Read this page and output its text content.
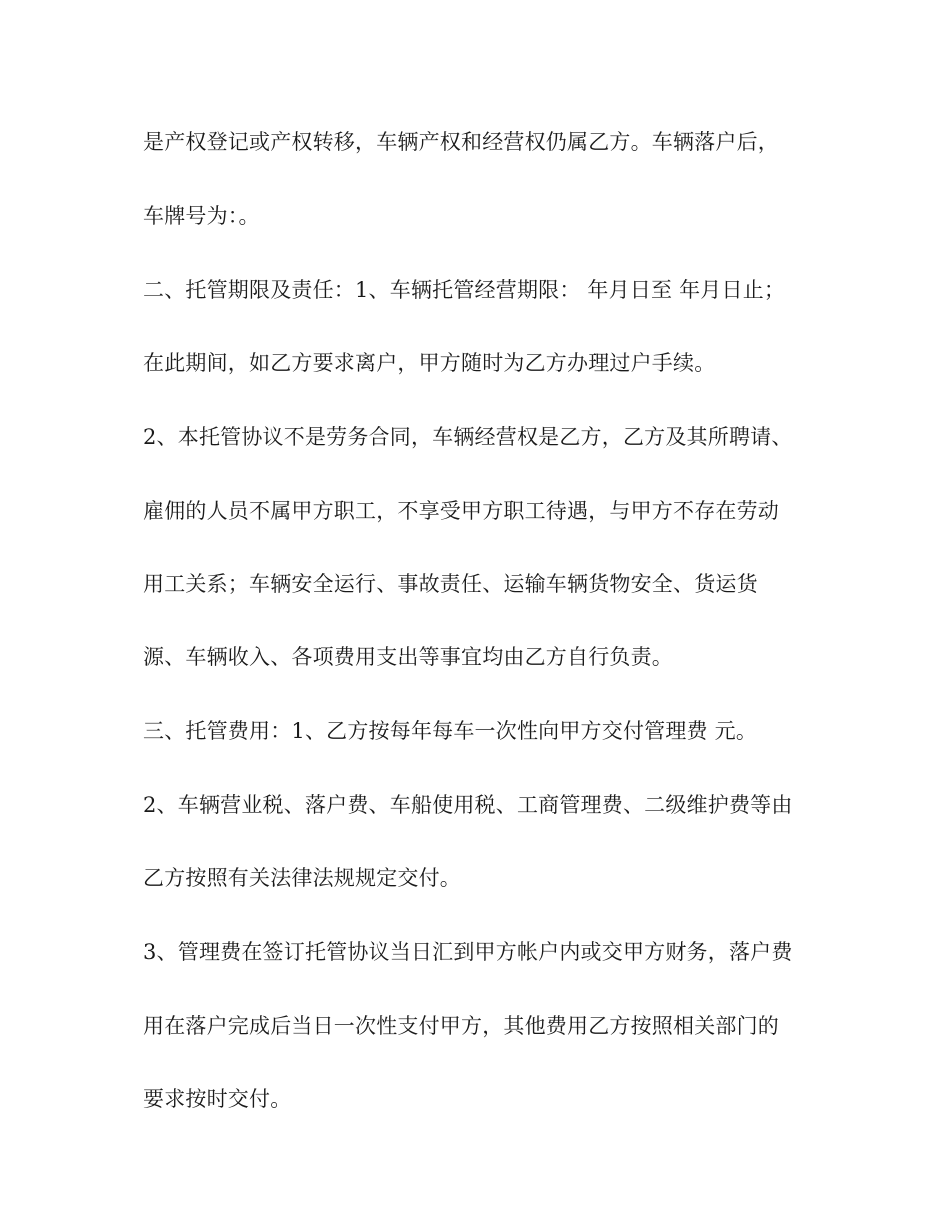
是产权登记或产权转移，车辆产权和经营权仍属乙方。车辆落户后，

车牌号为：。

二、托管期限及责任：1、车辆托管经营期限： 年月日至 年月日止；

在此期间，如乙方要求离户，甲方随时为乙方办理过户手续。

2、本托管协议不是劳务合同，车辆经营权是乙方，乙方及其所聘请、

雇佣的人员不属甲方职工，不享受甲方职工待遇，与甲方不存在劳动

用工关系；车辆安全运行、事故责任、运输车辆货物安全、货运货

源、车辆收入、各项费用支出等事宜均由乙方自行负责。

三、托管费用：1、乙方按每年每车一次性向甲方交付管理费 元。

2、车辆营业税、落户费、车船使用税、工商管理费、二级维护费等由

乙方按照有关法律法规规定交付。

3、管理费在签订托管协议当日汇到甲方帐户内或交甲方财务，落户费

用在落户完成后当日一次性支付甲方，其他费用乙方按照相关部门的

要求按时交付。
